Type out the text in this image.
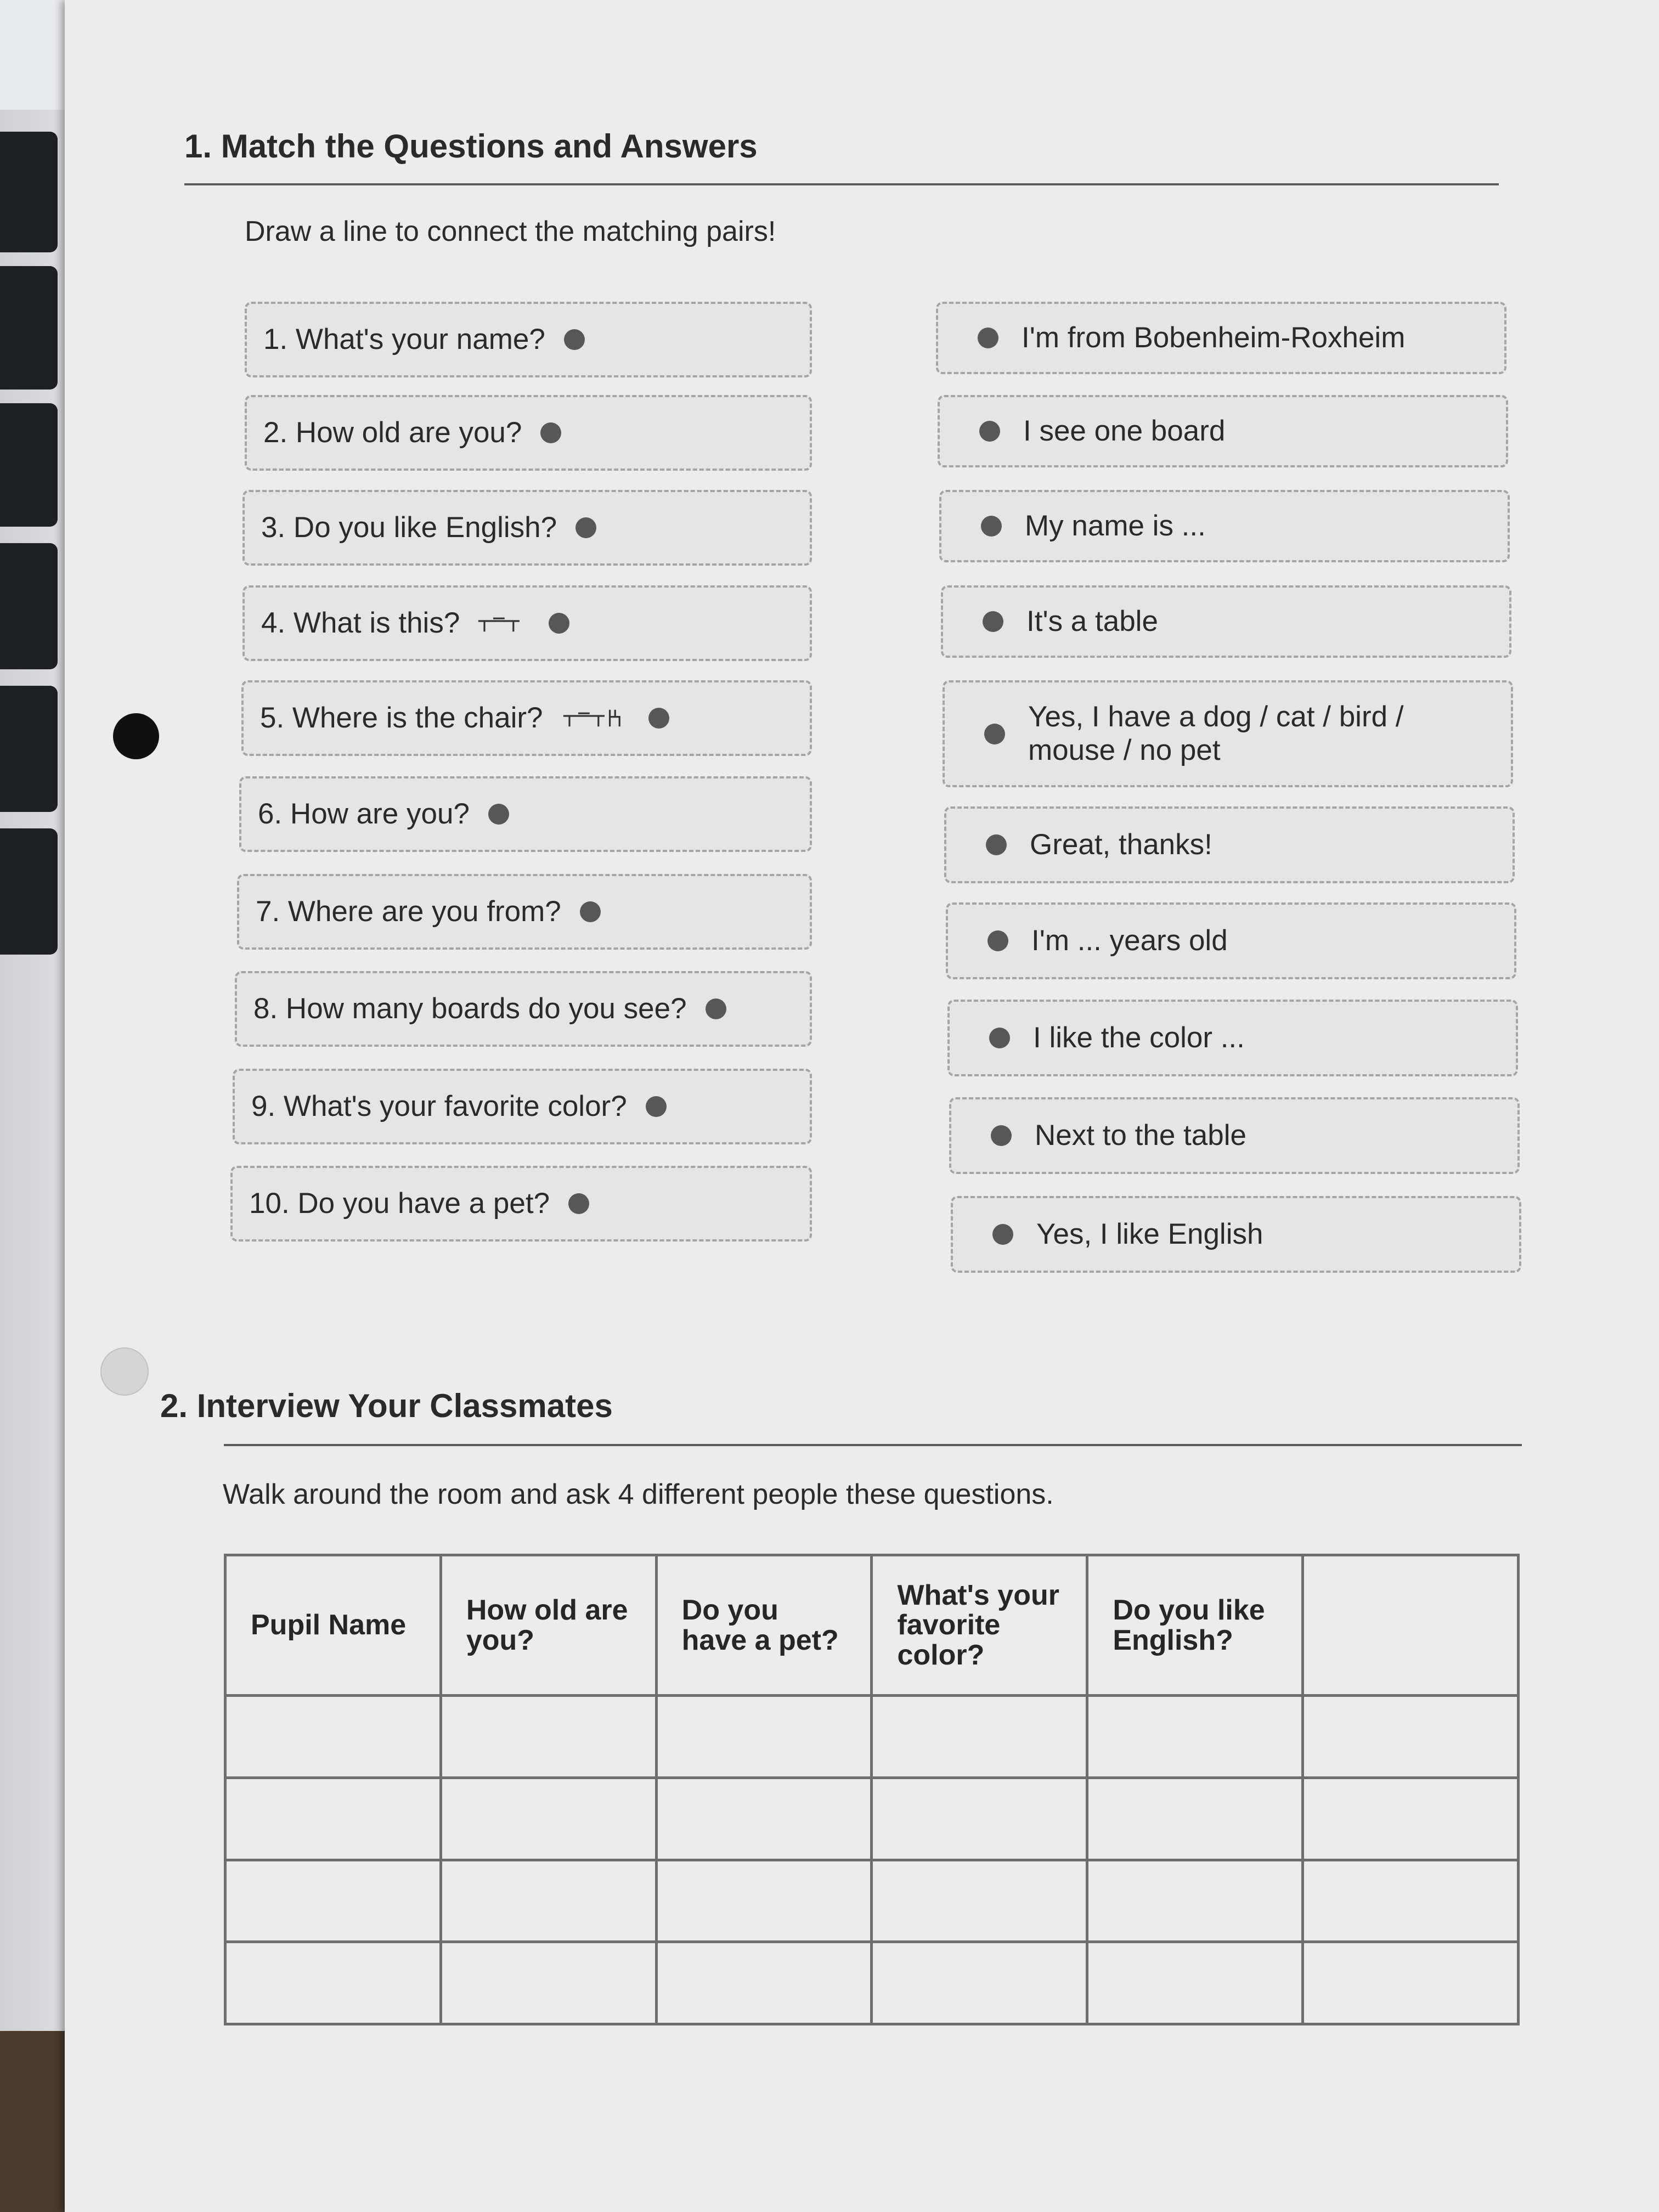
option
1. Match the Questions and Answers
Draw a line to connect the matching pairs!
1. What's your name?
2. How old are you?
3. Do you like English?
4. What is this?
5. Where is the chair?
6. How are you?
7. Where are you from?
8. How many boards do you see?
9. What's your favorite color?
10. Do you have a pet?
I'm from Bobenheim-Roxheim
I see one board
My name is ...
It's a table
Yes, I have a dog / cat / bird / mouse / no pet
Great, thanks!
I'm ... years old
I like the color ...
Next to the table
Yes, I like English
2. Interview Your Classmates
Walk around the room and ask 4 different people these questions.
Pupil Name	How old are you?	Do you have a pet?	What's your favorite color?	Do you like English?	
